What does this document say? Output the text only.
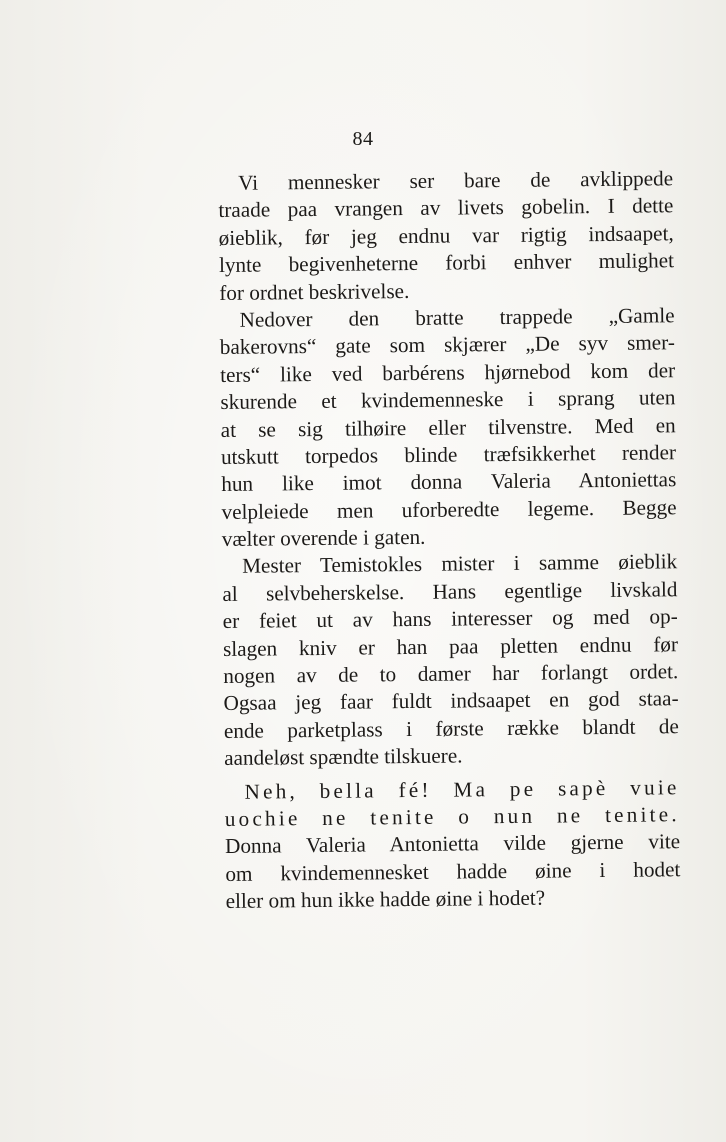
84
Vi mennesker ser bare de avklippede
traade paa vrangen av livets gobelin. I dette
øieblik, før jeg endnu var rigtig indsaapet,
lynte begivenheterne forbi enhver mulighet
for ordnet beskrivelse.
Nedover den bratte trappede „Gamle
bakerovns“ gate som skjærer „De syv smer-
ters“ like ved barbérens hjørnebod kom der
skurende et kvindemenneske i sprang uten
at se sig tilhøire eller tilvenstre. Med en
utskutt torpedos blinde træfsikkerhet render
hun like imot donna Valeria Antoniettas
velpleiede men uforberedte legeme. Begge
vælter overende i gaten.
Mester Temistokles mister i samme øieblik
al selvbeherskelse. Hans egentlige livskald
er feiet ut av hans interesser og med op-
slagen kniv er han paa pletten endnu før
nogen av de to damer har forlangt ordet.
Ogsaa jeg faar fuldt indsaapet en god staa-
ende parketplass i første række blandt de
aandeløst spændte tilskuere.
Neh, bella fé! Ma pe sapè vuie
uochie ne tenite o nun ne tenite.
Donna Valeria Antonietta vilde gjerne vite
om kvindemennesket hadde øine i hodet
eller om hun ikke hadde øine i hodet?
